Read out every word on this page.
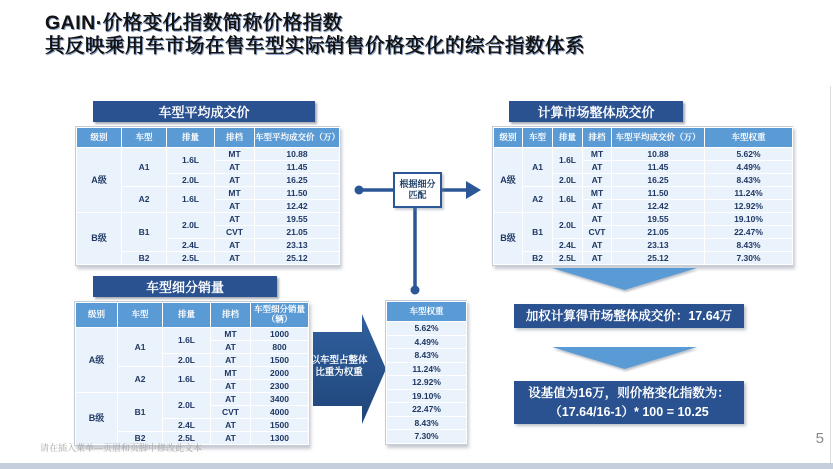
GAIN·价格变化指数简称价格指数
其反映乘用车市场在售车型实际销售价格变化的综合指数体系
车型平均成交价
级别	车型	排量	排档	车型平均成交价（万）
A级	A1	1.6L	MT	10.88
			AT	11.45
		2.0L	AT	16.25
	A2	1.6L	MT	11.50
			AT	12.42
B级	B1	2.0L	AT	19.55
			CVT	21.05
		2.4L	AT	23.13
	B2	2.5L	AT	25.12
计算市场整体成交价
级别	车型	排量	排档	车型平均成交价（万）	车型权重
A级	A1	1.6L	MT	10.88	5.62%
			AT	11.45	4.49%
		2.0L	AT	16.25	8.43%
	A2	1.6L	MT	11.50	11.24%
			AT	12.42	12.92%
B级	B1	2.0L	AT	19.55	19.10%
			CVT	21.05	22.47%
		2.4L	AT	23.13	8.43%
	B2	2.5L	AT	25.12	7.30%
根据细分
匹配
车型细分销量
级别	车型	排量	排档	车型细分销量（辆）
A级	A1	1.6L	MT	1000
			AT	800
		2.0L	AT	1500
	A2	1.6L	MT	2000
			AT	2300
B级	B1	2.0L	AT	3400
			CVT	4000
		2.4L	AT	1500
	B2	2.5L	AT	1300
以车型占整体
比重为权重
车型权重
5.62%
4.49%
8.43%
11.24%
12.92%
19.10%
22.47%
8.43%
7.30%
加权计算得市场整体成交价：17.64万
设基值为16万，则价格变化指数为：
（17.64/16-1）* 100 = 10.25
请在插入菜单—页眉和页脚中修改此文本
5
